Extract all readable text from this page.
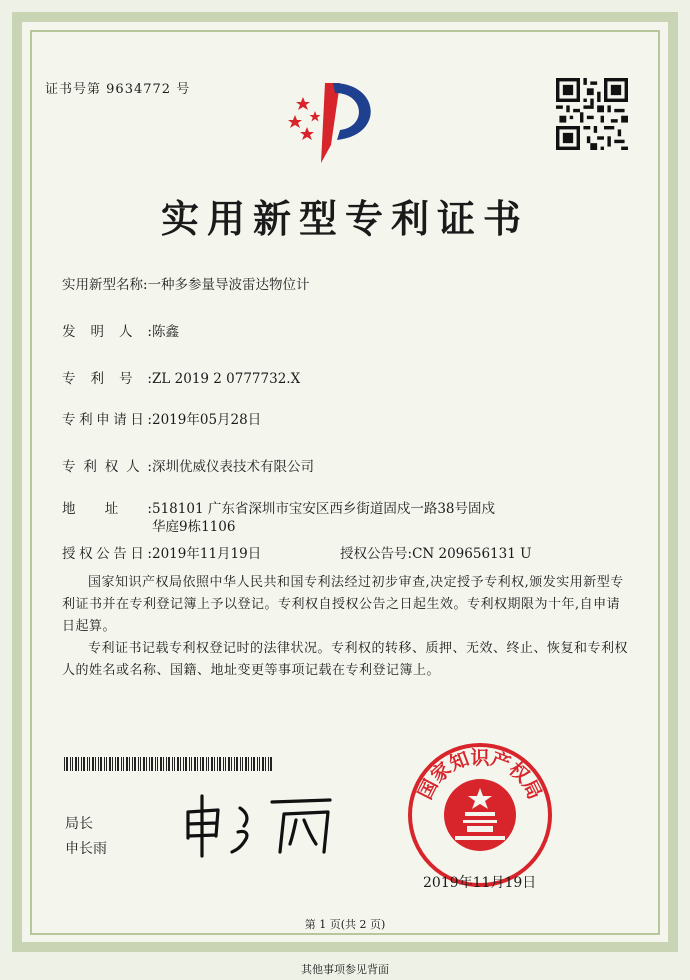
证书号第 9634772 号
实用新型专利证书
实用新型名称:一种多参量导波雷达物位计
发明人:陈鑫
专利号:ZL 2019 2 0777732.X
专利申请日:2019年05月28日
专利权人:深圳优威仪表技术有限公司
地址:518101 广东省深圳市宝安区西乡街道固戍一路38号固戍
华庭9栋1106
授权公告日:2019年11月19日	授权公告号:CN 209656131 U
国家知识产权局依照中华人民共和国专利法经过初步审查,决定授予专利权,颁发实用新型专利证书并在专利登记簿上予以登记。专利权自授权公告之日起生效。专利权期限为十年,自申请日起算。
专利证书记载专利权登记时的法律状况。专利权的转移、质押、无效、终止、恢复和专利权人的姓名或名称、国籍、地址变更等事项记载在专利登记簿上。
局长
申长雨
国家知识产权局
2019年11月19日
第 1 页(共 2 页)
其他事项参见背面
